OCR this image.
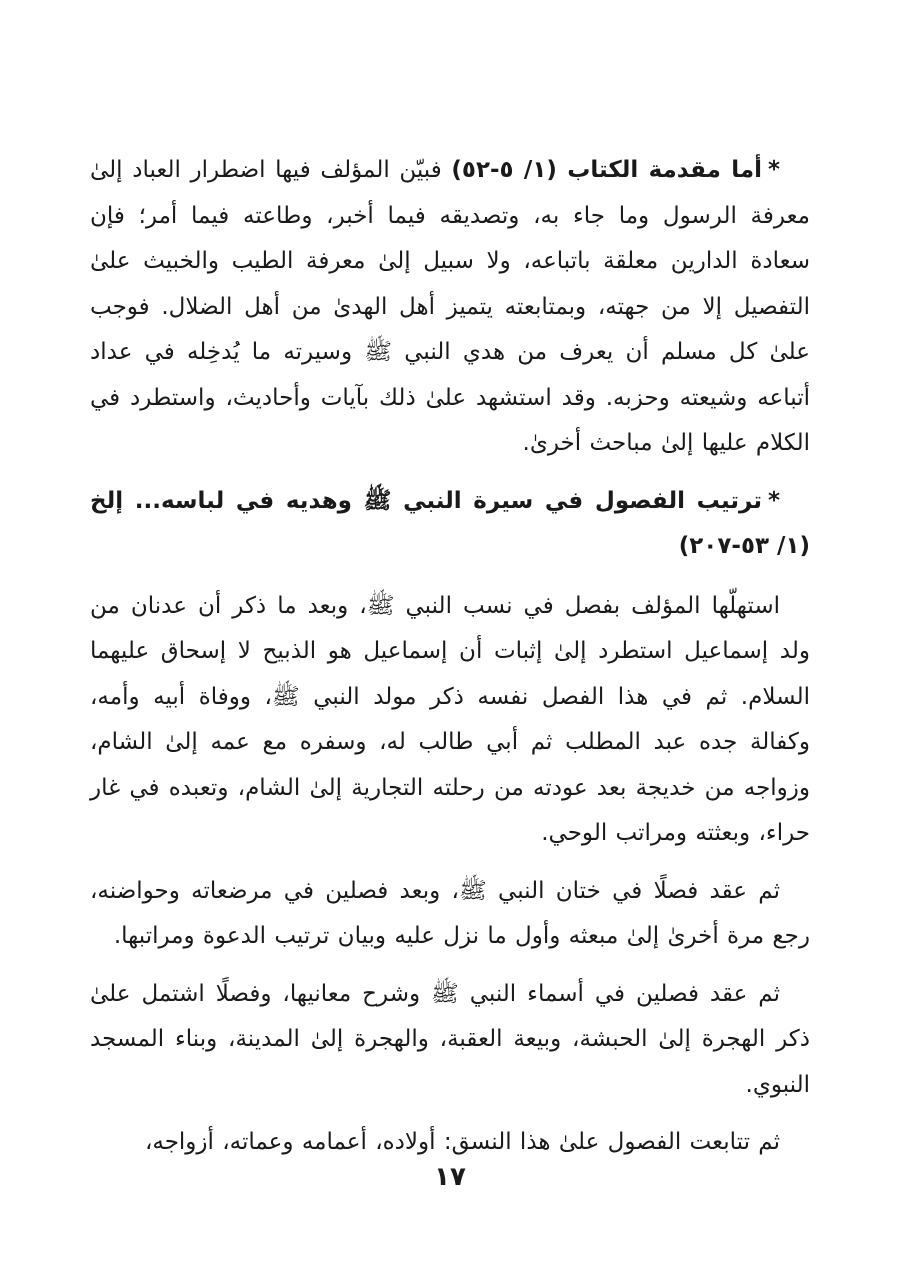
*أما مقدمة الكتاب (١/ ٥-٥٢) فبيّن المؤلف فيها اضطرار العباد إلىٰ معرفة الرسول وما جاء به، وتصديقه فيما أخبر، وطاعته فيما أمر؛ فإن سعادة الدارين معلقة باتباعه، ولا سبيل إلىٰ معرفة الطيب والخبيث علىٰ التفصيل إلا من جهته، وبمتابعته يتميز أهل الهدىٰ من أهل الضلال. فوجب علىٰ كل مسلم أن يعرف من هدي النبي ﷺ وسيرته ما يُدخِله في عداد أتباعه وشيعته وحزبه. وقد استشهد علىٰ ذلك بآيات وأحاديث، واستطرد في الكلام عليها إلىٰ مباحث أخرىٰ.

*ترتيب الفصول في سيرة النبي ﷺ وهديه في لباسه... إلخ (١/ ٥٣-٢٠٧)

استهلّها المؤلف بفصل في نسب النبي ﷺ، وبعد ما ذكر أن عدنان من ولد إسماعيل استطرد إلىٰ إثبات أن إسماعيل هو الذبيح لا إسحاق عليهما السلام. ثم في هذا الفصل نفسه ذكر مولد النبي ﷺ، ووفاة أبيه وأمه، وكفالة جده عبد المطلب ثم أبي طالب له، وسفره مع عمه إلىٰ الشام، وزواجه من خديجة بعد عودته من رحلته التجارية إلىٰ الشام، وتعبده في غار حراء، وبعثته ومراتب الوحي.

ثم عقد فصلًا في ختان النبي ﷺ، وبعد فصلين في مرضعاته وحواضنه، رجع مرة أخرىٰ إلىٰ مبعثه وأول ما نزل عليه وبيان ترتيب الدعوة ومراتبها.

ثم عقد فصلين في أسماء النبي ﷺ وشرح معانيها، وفصلًا اشتمل علىٰ ذكر الهجرة إلىٰ الحبشة، وبيعة العقبة، والهجرة إلىٰ المدينة، وبناء المسجد النبوي.

ثم تتابعت الفصول علىٰ هذا النسق: أولاده، أعمامه وعماته، أزواجه،

١٧
